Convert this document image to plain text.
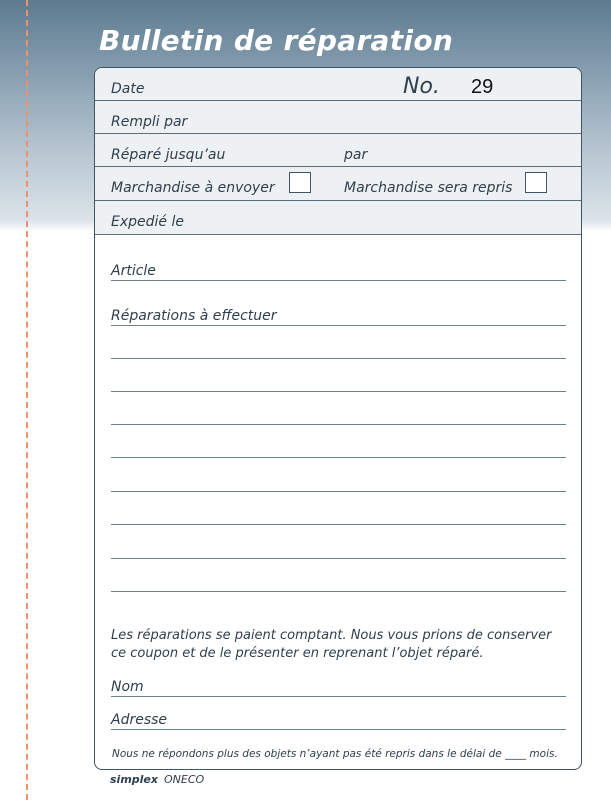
Bulletin de réparation
Date	No. 29
Rempli par
Réparé jusqu’au	par
Marchandise à envoyer	Marchandise sera repris
Expedié le
Article
Réparations à effectuer
Les réparations se paient comptant. Nous vous prions de conserver
ce coupon et de le présenter en reprenant l’objet réparé.
Nom
Adresse
Nous ne répondons plus des objets n’ayant pas été repris dans le délai de ____ mois.
simplex ONECO
